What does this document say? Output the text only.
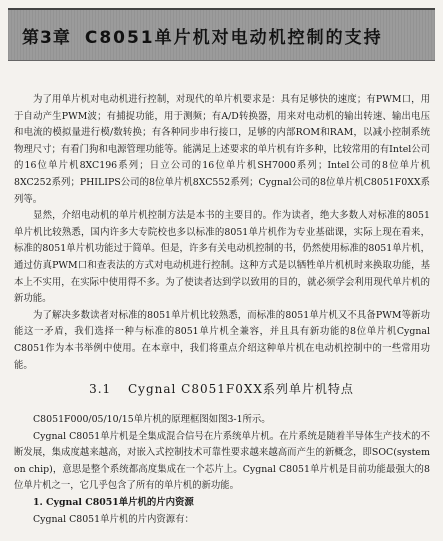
第3章 C8051单片机对电动机控制的支持

为了用单片机对电动机进行控制，对现代的单片机要求是：具有足够快的速度；有PWM口，用于自动产生PWM波；有捕捉功能，用于测频；有A/D转换器，用来对电动机的输出转速、输出电压和电流的模拟量进行模/数转换；有各种同步串行接口，足够的内部ROM和RAM，以减小控制系统物理尺寸；有看门狗和电源管理功能等。能满足上述要求的单片机有许多种，比较常用的有Intel公司的16位单片机8XC196系列；日立公司的16位单片机SH7000系列；Intel公司的8位单片机8XC252系列；PHILIPS公司的8位单片机8XC552系列；Cygnal公司的8位单片机C8051F0XX系列等。

显然，介绍电动机的单片机控制方法是本书的主要目的。作为读者，绝大多数人对标准的8051单片机比较熟悉，国内许多大专院校也多以标准的8051单片机作为专业基础课，实际上现在看来，标准的8051单片机功能过于简单。但是，许多有关电动机控制的书，仍然使用标准的8051单片机，通过仿真PWM口和查表法的方式对电动机进行控制。这种方式是以牺牲单片机机时来换取功能，基本上不实用，在实际中使用得不多。为了使读者达到学以致用的目的，就必须学会利用现代单片机的新功能。

为了解决多数读者对标准的8051单片机比较熟悉，而标准的8051单片机又不具备PWM等新功能这一矛盾，我们选择一种与标准的8051单片机全兼容，并且具有新功能的8位单片机Cygnal C8051作为本书举例中使用。在本章中，我们将重点介绍这种单片机在电动机控制中的一些常用功能。

3.1 Cygnal C8051F0XX系列单片机特点

C8051F000/05/10/15单片机的原理框图如图3-1所示。

Cygnal C8051单片机是全集成混合信号在片系统单片机。在片系统是随着半导体生产技术的不断发展，集成度越来越高，对嵌入式控制技术可靠性要求越来越高而产生的新概念，即SOC(system on chip)，意思是整个系统都高度集成在一个芯片上。Cygnal C8051单片机是目前功能最强大的8位单片机之一，它几乎包含了所有的单片机的新功能。

1. Cygnal C8051单片机的片内资源

Cygnal C8051单片机的片内资源有：
